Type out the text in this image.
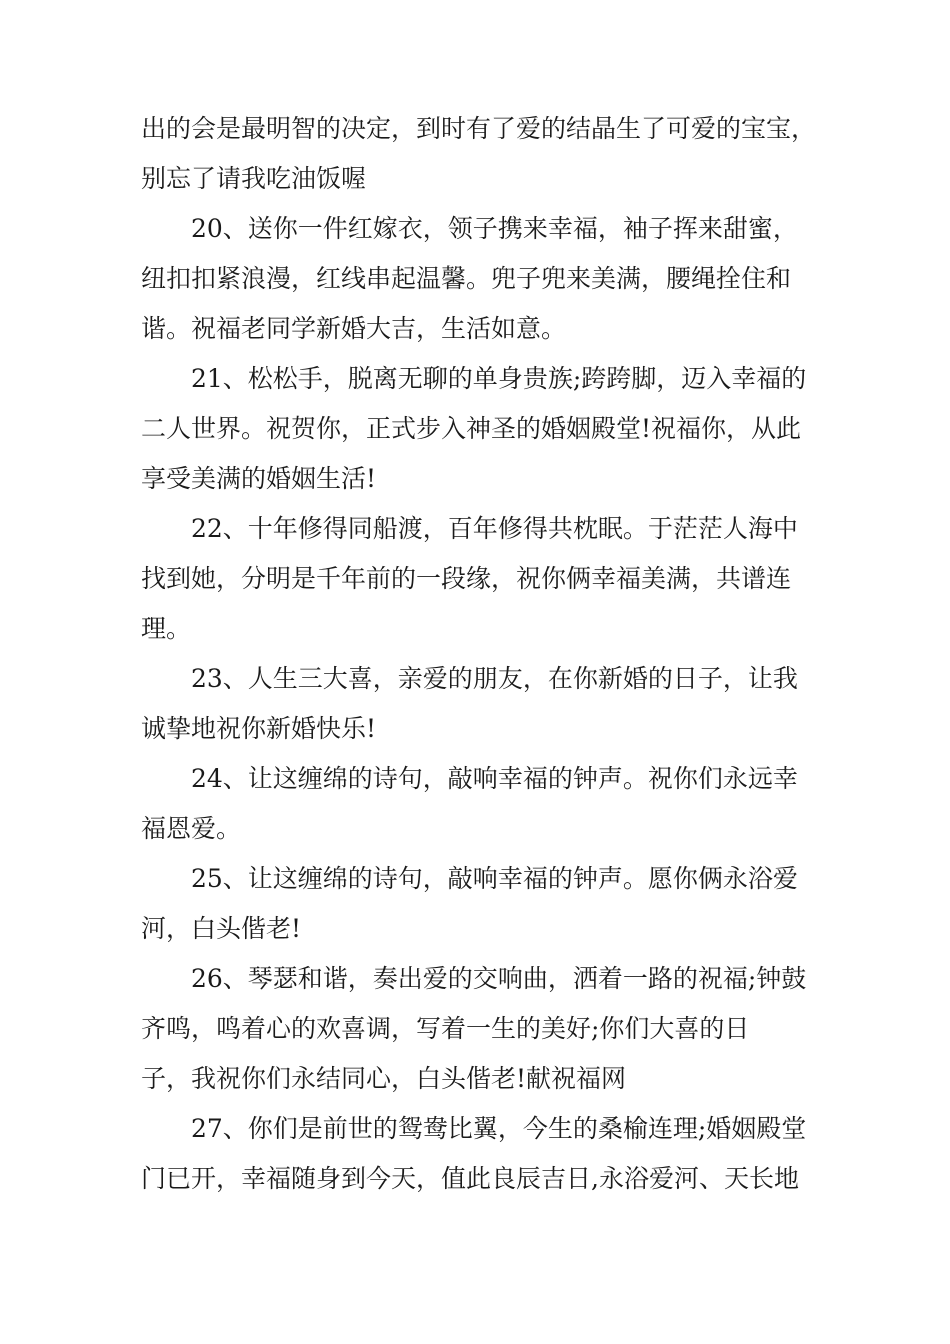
出的会是最明智的决定，到时有了爱的结晶生了可爱的宝宝，
别忘了请我吃油饭喔
20、送你一件红嫁衣，领子携来幸福，袖子挥来甜蜜，
纽扣扣紧浪漫，红线串起温馨。兜子兜来美满，腰绳拴住和
谐。祝福老同学新婚大吉，生活如意。
21、松松手，脱离无聊的单身贵族;跨跨脚，迈入幸福的
二人世界。祝贺你，正式步入神圣的婚姻殿堂!祝福你，从此
享受美满的婚姻生活!
22、十年修得同船渡，百年修得共枕眠。于茫茫人海中
找到她，分明是千年前的一段缘，祝你俩幸福美满，共谱连
理。
23、人生三大喜，亲爱的朋友，在你新婚的日子，让我
诚挚地祝你新婚快乐!
24、让这缠绵的诗句，敲响幸福的钟声。祝你们永远幸
福恩爱。
25、让这缠绵的诗句，敲响幸福的钟声。愿你俩永浴爱
河，白头偕老!
26、琴瑟和谐，奏出爱的交响曲，洒着一路的祝福;钟鼓
齐鸣，鸣着心的欢喜调，写着一生的美好;你们大喜的日
子，我祝你们永结同心，白头偕老!献祝福网
27、你们是前世的鸳鸯比翼，今生的桑榆连理;婚姻殿堂
门已开，幸福随身到今天，值此良辰吉日,永浴爱河、天长地
